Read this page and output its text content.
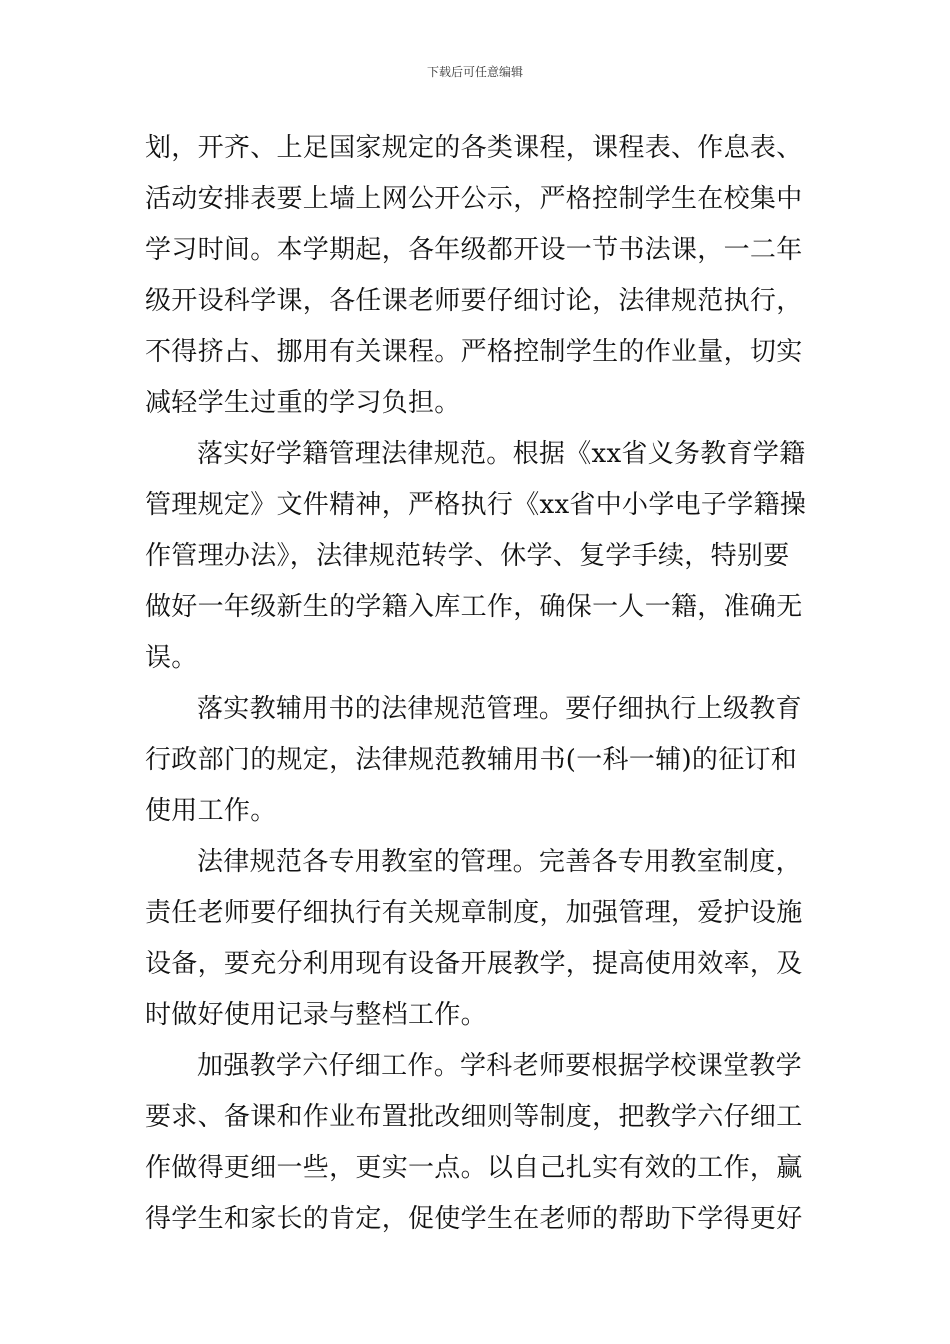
下载后可任意编辑
划，开齐、上足国家规定的各类课程，课程表、作息表、
活动安排表要上墙上网公开公示，严格控制学生在校集中
学习时间。本学期起，各年级都开设一节书法课，一二年
级开设科学课，各任课老师要仔细讨论，法律规范执行，
不得挤占、挪用有关课程。严格控制学生的作业量，切实
减轻学生过重的学习负担。
落实好学籍管理法律规范。根据《xx省义务教育学籍
管理规定》文件精神，严格执行《xx省中小学电子学籍操
作管理办法》，法律规范转学、休学、复学手续，特别要
做好一年级新生的学籍入库工作，确保一人一籍，准确无
误。
落实教辅用书的法律规范管理。要仔细执行上级教育
行政部门的规定，法律规范教辅用书(一科一辅)的征订和
使用工作。
法律规范各专用教室的管理。完善各专用教室制度，
责任老师要仔细执行有关规章制度，加强管理，爱护设施
设备，要充分利用现有设备开展教学，提高使用效率，及
时做好使用记录与整档工作。
加强教学六仔细工作。学科老师要根据学校课堂教学
要求、备课和作业布置批改细则等制度，把教学六仔细工
作做得更细一些，更实一点。以自己扎实有效的工作，赢
得学生和家长的肯定，促使学生在老师的帮助下学得更好
